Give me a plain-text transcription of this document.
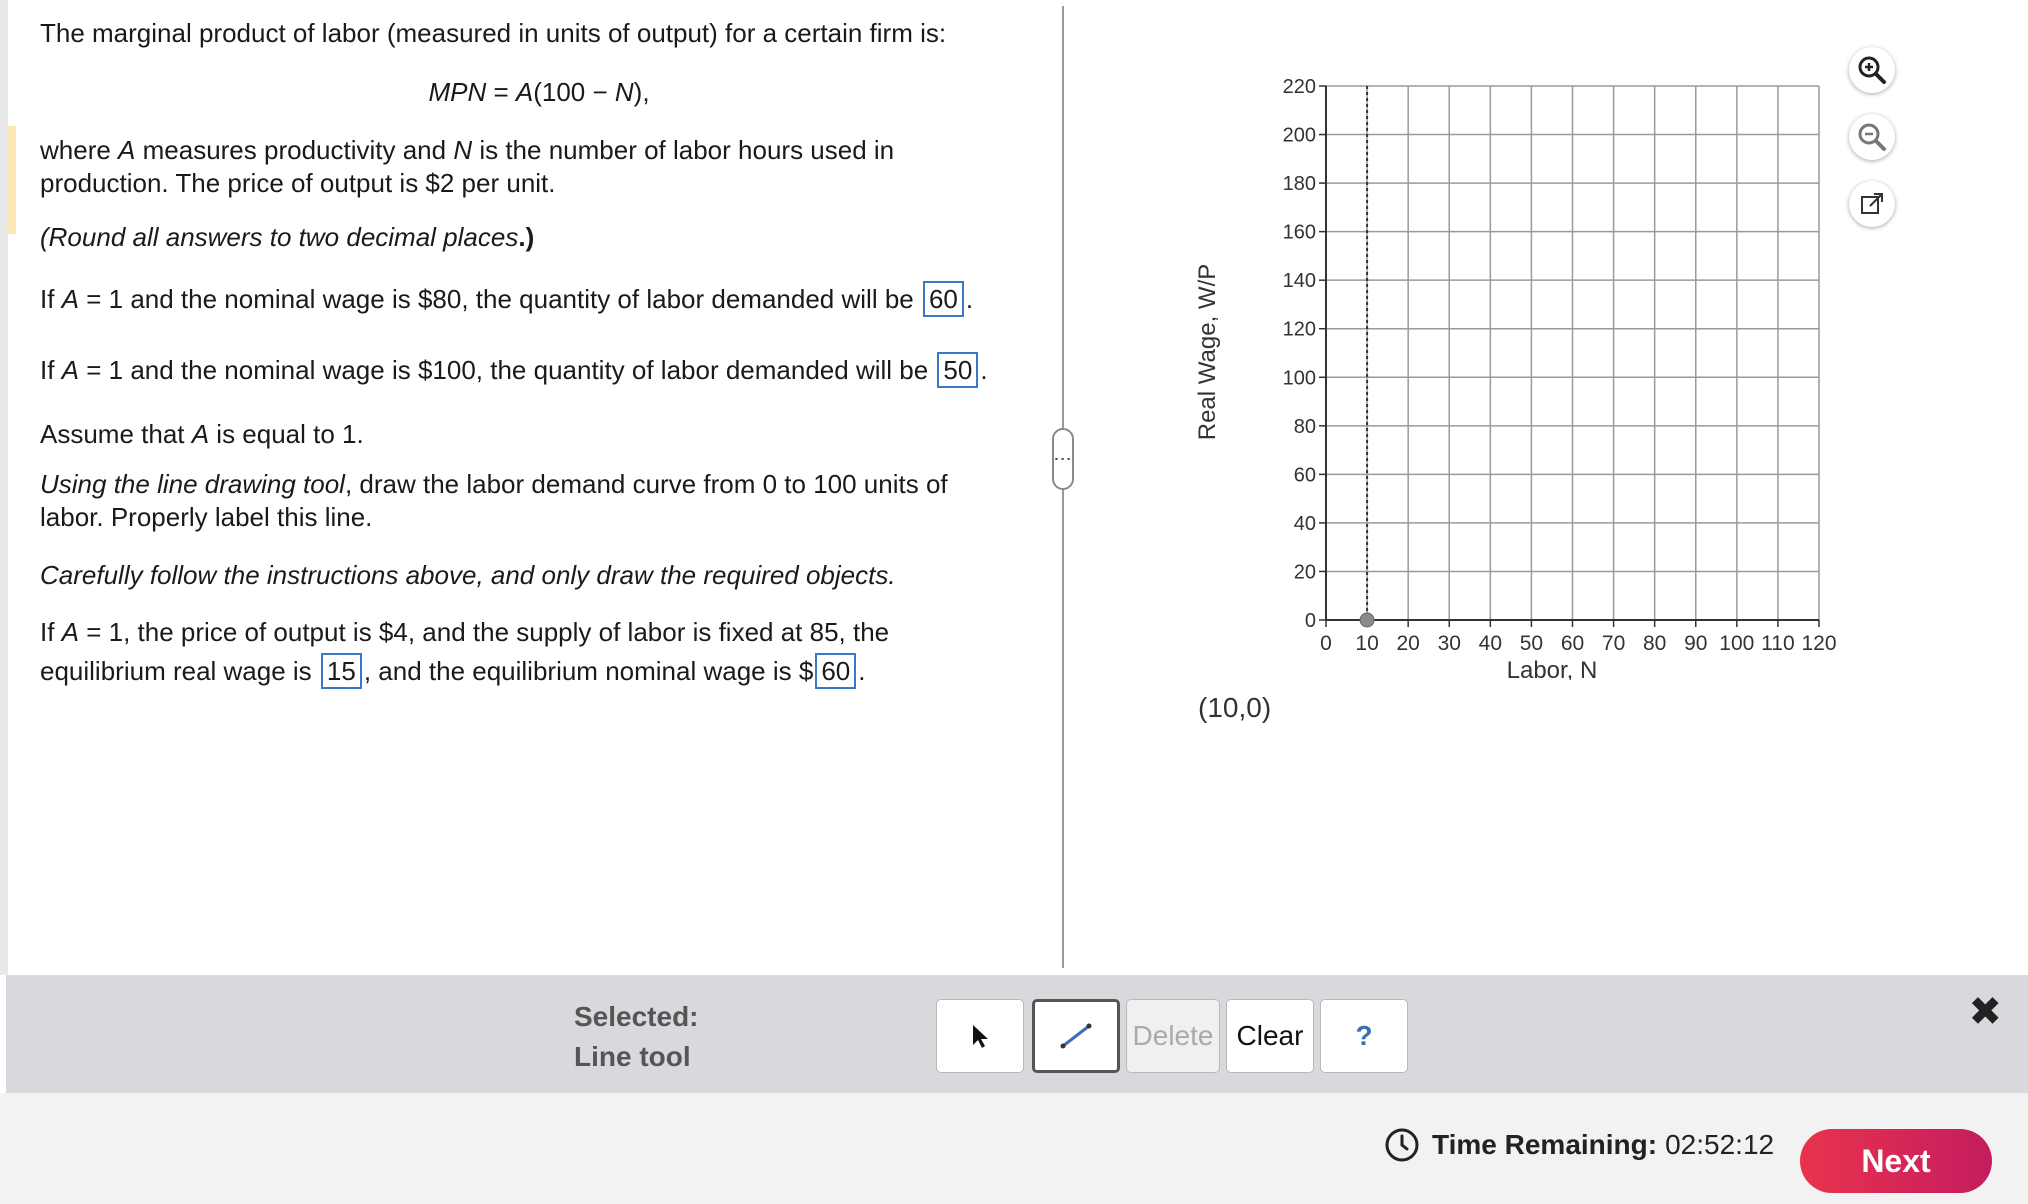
The marginal product of labor (measured in units of output) for a certain firm is:
MPN = A(100 − N),
where A measures productivity and N is the number of labor hours used in
production. The price of output is $2 per unit.
(Round all answers to two decimal places.)
If A = 1 and the nominal wage is $80, the quantity of labor demanded will be 60 .
If A = 1 and the nominal wage is $100, the quantity of labor demanded will be 50 .
Assume that A is equal to 1.
Using the line drawing tool, draw the labor demand curve from 0 to 100 units of
labor. Properly label this line.
Carefully follow the instructions above, and only draw the required objects.
If A = 1, the price of output is $4, and the supply of labor is fixed at 85, the
equilibrium real wage is 15 , and the equilibrium nominal wage is $ 60 .
⋮
Real Wage, W/P
0
20
40
60
80
100
120
140
160
180
200
220
0 10 20 30 40 50 60 70 80 90 100 110 120
Labor, N
(10,0)
Selected:
Line tool
Delete Clear	?
✖
Time Remaining: 02:52:12	Next
